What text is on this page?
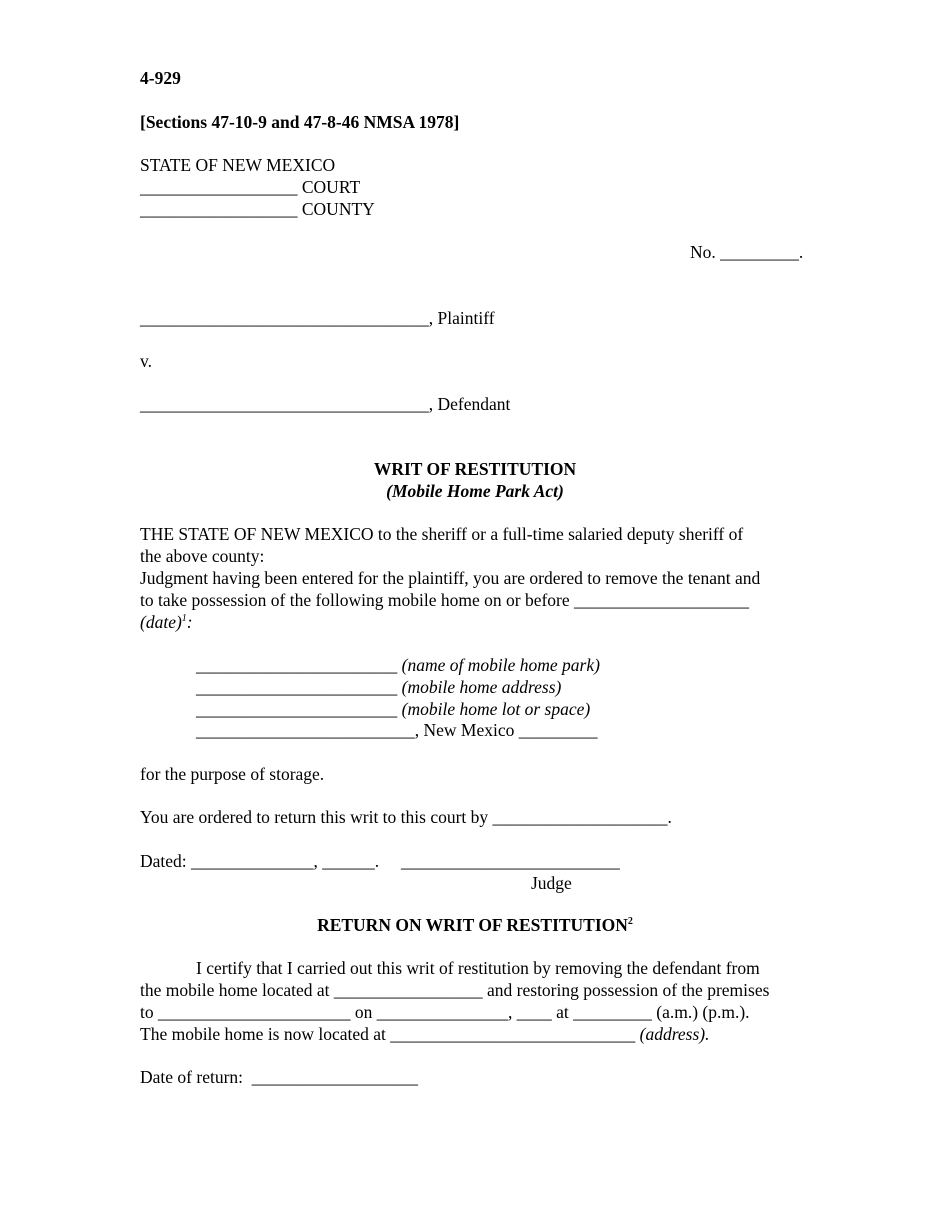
4-929
[Sections 47-10-9 and 47-8-46 NMSA 1978]
STATE OF NEW MEXICO
__________________ COURT
__________________ COUNTY
No. _________.
_________________________________, Plaintiff
v.
_________________________________, Defendant
WRIT OF RESTITUTION
(Mobile Home Park Act)
THE STATE OF NEW MEXICO to the sheriff or a full-time salaried deputy sheriff of
the above county:
Judgment having been entered for the plaintiff, you are ordered to remove the tenant and
to take possession of the following mobile home on or before ____________________
(date)$^1$:
_______________________ (name of mobile home park)
_______________________ (mobile home address)
_______________________ (mobile home lot or space)
_________________________, New Mexico _________
for the purpose of storage.
You are ordered to return this writ to this court by ____________________.
Dated: ______________, ______.     _________________________
Judge
RETURN ON WRIT OF RESTITUTION$^2$
I certify that I carried out this writ of restitution by removing the defendant from
the mobile home located at _________________ and restoring possession of the premises
to ______________________ on _______________, ____ at _________ (a.m.) (p.m.).
The mobile home is now located at ____________________________ (address).
Date of return:  ___________________
